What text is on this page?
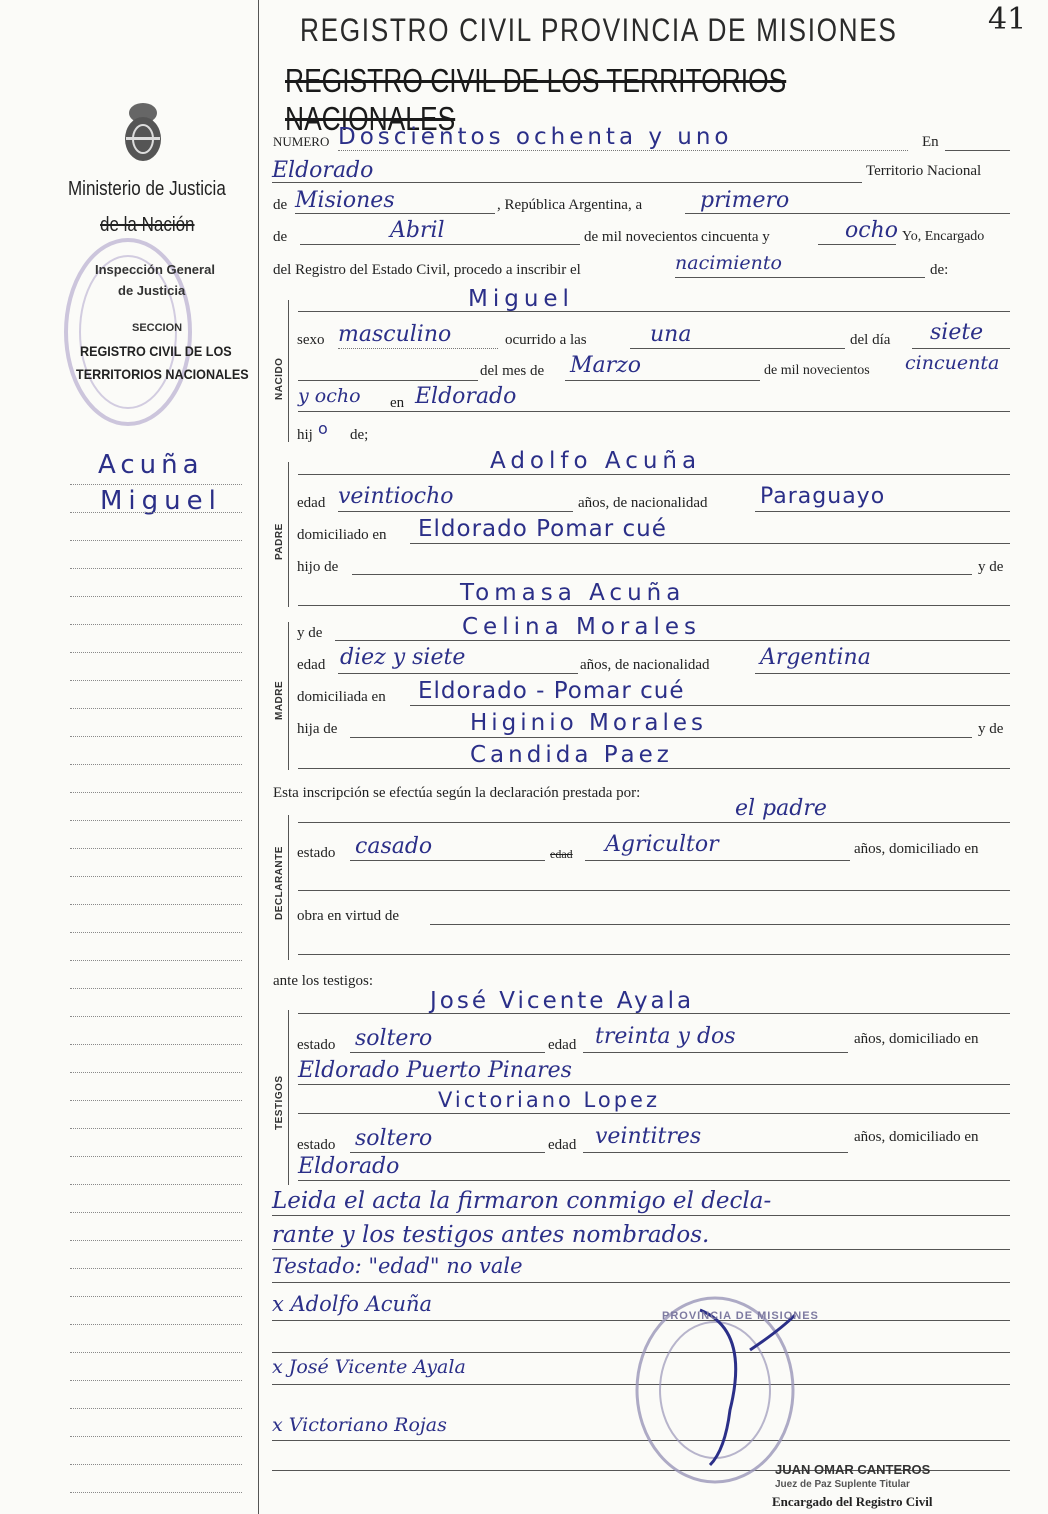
41
REGISTRO CIVIL PROVINCIA DE MISIONES
REGISTRO CIVIL DE LOS TERRITORIOS NACIONALES
Ministerio de Justicia
de la Nación
Inspección General
de Justicia
SECCION
REGISTRO CIVIL DE LOS
TERRITORIOS NACIONALES
Acuña
Miguel
NUMERO Doscientos ochenta y uno	En
Eldorado	Territorio Nacional
de Misiones	, República Argentina, a	primero
de	Abril	de mil novecientos cincuenta y	ocho Yo, Encargado
del Registro del Estado Civil, procedo a inscribir el	nacimiento	de:
NACIDO
Miguel
sexo masculino	ocurrido a las	una	del día siete
del mes de Marzo	de mil novecientos cincuenta
y ocho en Eldorado
hij o de;
PADRE
Adolfo Acuña
edad veintiocho	años, de nacionalidad Paraguayo
domiciliado en Eldorado Pomar cué
hijo de	y de
Tomasa Acuña
MADRE
y de	Celina Morales
edad diez y siete	años, de nacionalidad Argentina
domiciliada en Eldorado - Pomar cué
hija de	Higinio Morales	y de
Candida Paez
Esta inscripción se efectúa según la declaración prestada por:
el padre
DECLARANTE estado casado	edad Agricultor	años, domiciliado en
obra en virtud de
ante los testigos:
TESTIGOS
José Vicente Ayala
estado soltero	edad treinta y dos	años, domiciliado en
Eldorado Puerto Pinares
Victoriano Lopez
estado soltero	edad veintitres	años, domiciliado en
Eldorado
Leida el acta la firmaron conmigo el decla-
rante y los testigos antes nombrados.
Testado: "edad" no vale
x Adolfo Acuña
x José Vicente Ayala
x Victoriano Rojas
PROVINCIA DE MISIONES
JUAN OMAR CANTEROS
Juez de Paz Suplente Titular
Encargado del Registro Civil
